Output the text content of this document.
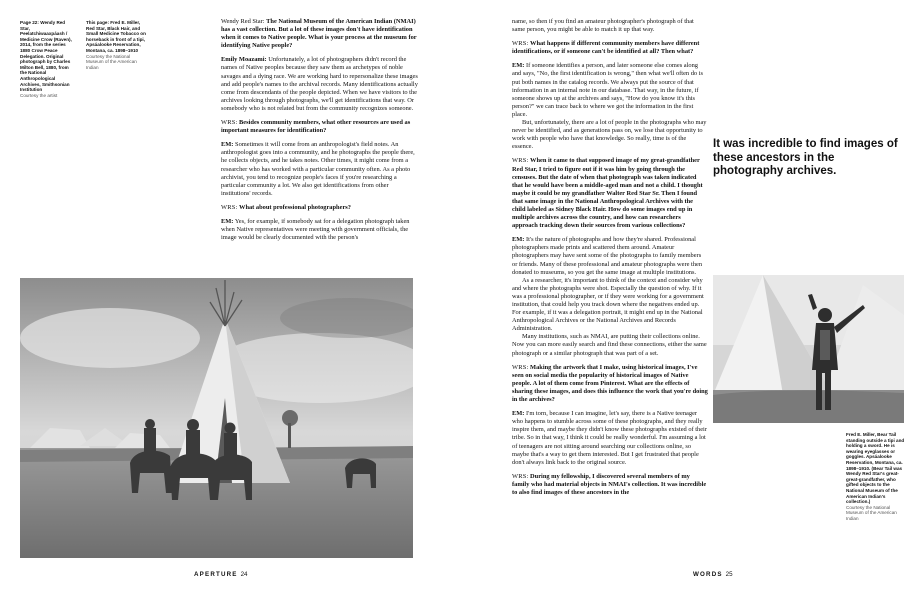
Page 22: Wendy Red Star, Peelatchiwaaxpáash / Medicine Crow (Raven), 2014, from the series 1880 Crow Peace Delegation. Original photograph by Charles Milton Bell, 1880, from the National Anthropological Archives, Smithsonian Institution
Courtesy the artist
This page: Fred E. Miller, Red Star, Black Hair, and Small Medicine Tobacco on horseback in front of a tipi, Apsáalooke Reservation, Montana, ca. 1898–1910
Courtesy the National Museum of the American Indian

Wendy Red Star: The National Museum of the American Indian (NMAI) has a vast collection. But a lot of these images don't have identification when it comes to Native people. What is your process at the museum for identifying Native people?

Emily Moazami: Unfortunately, a lot of photographers didn't record the names of Native peoples because they saw them as archetypes of noble savages and a dying race. We are working hard to repersonalize these images and add people's names to the archival records. Many identifications actually come from descendants of the people depicted. When we have visitors to the archives looking through photographs, we'll get identifications that way. Or somebody who is not related but from the community recognizes someone.

WRS: Besides community members, what other resources are used as important measures for identification?

EM: Sometimes it will come from an anthropologist's field notes. An anthropologist goes into a community, and he photographs the people there, he collects objects, and he takes notes. Other times, it might come from a researcher who has worked with a particular community often. As a photo archivist, you tend to recognize people's faces if you're researching a particular community a lot. We also get identifications from other institutions' records.

WRS: What about professional photographers?

EM: Yes, for example, if somebody sat for a delegation photograph taken when Native representatives were meeting with government officials, the image would be clearly documented with the person's

APERTURE 24

name, so then if you find an amateur photographer's photograph of that same person, you might be able to match it up that way.

WRS: What happens if different community members have different identifications, or if someone can't be identified at all? Then what?

EM: If someone identifies a person, and later someone else comes along and says, "No, the first identification is wrong," then what we'll often do is put both names in the catalog records. We always put the source of that information in an internal note in our database. That way, in the future, if someone shows up at the archives and says, "How do you know it's this person?" we can trace back to where we got the information in the first place.

But, unfortunately, there are a lot of people in the photographs who may never be identified, and as generations pass on, we lose that opportunity to work with people who have that knowledge. So really, time is of the essence.

WRS: When it came to that supposed image of my great-grandfather Red Star, I tried to figure out if it was him by going through the censuses. But the date of when that photograph was taken indicated that he would have been a middle-aged man and not a child. I thought maybe it could be my grandfather Walter Red Star Sr. Then I found that same image in the National Anthropological Archives with the child labeled as Sidney Black Hair. How do some images end up in multiple archives across the country, and how can researchers approach tracking down their sources from various collections?

EM: It's the nature of photographs and how they're shared. Professional photographers made prints and scattered them around. Amateur photographers may have sent some of the photographs to family members or friends. Many of these professional and amateur photographs were then donated to museums, so you get the same image at multiple institutions.

As a researcher, it's important to think of the context and consider why and where the photographs were shot. Especially the question of why. If it was a professional photographer, or if they were working for a government institution, that could help you track down where the negatives ended up. For example, if it was a delegation portrait, it might end up in the National Anthropological Archives or the National Archives and Records Administration.

Many institutions, such as NMAI, are putting their collections online. Now you can more easily search and find these connections, either the same photograph or a similar photograph that was part of a set.

WRS: Making the artwork that I make, using historical images, I've seen on social media the popularity of historical images of Native people. A lot of them come from Pinterest. What are the effects of sharing these images, and does this influence the work that you're doing in the archives?

EM: I'm torn, because I can imagine, let's say, there is a Native teenager who happens to stumble across some of these photographs, and they really inspire them, and maybe they didn't know these photographs existed of their tribe. So in that way, I think it could be really wonderful. I'm assuming a lot of teenagers are not sitting around searching our collections online, so maybe that's a way to get them interested. But I get frustrated that people don't always link back to the original source.

WRS: During my fellowship, I discovered several members of my family who had material objects in NMAI's collection. It was incredible to also find images of these ancestors in the

It was incredible to find images of these ancestors in the photography archives.
Fred E. Miller, Bear Tail standing outside a tipi and holding a sword. He is wearing eyeglasses or goggles. Apsáalooke Reservation, Montana, ca. 1898–1910. (Bear Tail was Wendy Red Star's great-great-grandfather, who gifted objects to the National Museum of the American Indian's collection.)
Courtesy the National Museum of the American Indian
WORDS 25
